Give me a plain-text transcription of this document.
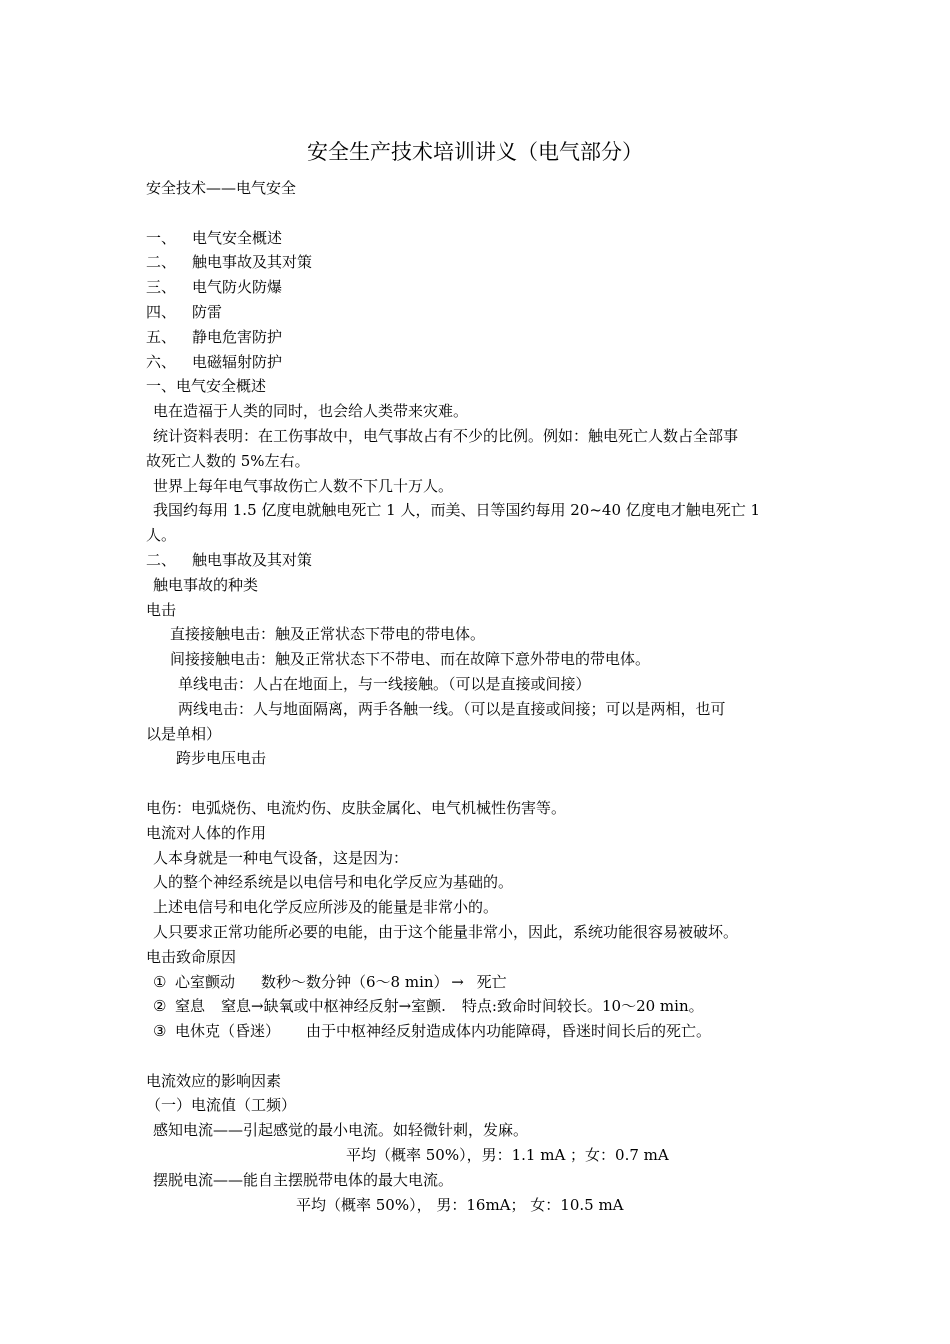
安全生产技术培训讲义（电气部分）
安全技术——电气安全
一、 电气安全概述
二、 触电事故及其对策
三、 电气防火防爆
四、 防雷
五、 静电危害防护
六、 电磁辐射防护
一、电气安全概述
电在造福于人类的同时，也会给人类带来灾难。
统计资料表明：在工伤事故中，电气事故占有不少的比例。例如：触电死亡人数占全部事
故死亡人数的 5%左右。
世界上每年电气事故伤亡人数不下几十万人。
我国约每用 1.5 亿度电就触电死亡 1 人，而美、日等国约每用 20~40 亿度电才触电死亡 1
人。
二、 触电事故及其对策
触电事故的种类
电击
直接接触电击：触及正常状态下带电的带电体。
间接接触电击：触及正常状态下不带电、而在故障下意外带电的带电体。
单线电击：人占在地面上，与一线接触。（可以是直接或间接）
两线电击：人与地面隔离，两手各触一线。（可以是直接或间接；可以是两相，也可
以是单相）
跨步电压电击
电伤：电弧烧伤、电流灼伤、皮肤金属化、电气机械性伤害等。
电流对人体的作用
人本身就是一种电气设备，这是因为：
人的整个神经系统是以电信号和电化学反应为基础的。
上述电信号和电化学反应所涉及的能量是非常小的。
人只要求正常功能所必要的电能，由于这个能量非常小，因此，系统功能很容易被破坏。
电击致命原因
① 心室颤动 数秒～数分钟（6～8 min） → 死亡
② 窒息 窒息→缺氧或中枢神经反射→室颤. 特点:致命时间较长。10～20 min。
③ 电休克（昏迷） 由于中枢神经反射造成体内功能障碍，昏迷时间长后的死亡。
电流效应的影响因素
（一）电流值（工频）
感知电流——引起感觉的最小电流。如轻微针刺，发麻。
平均（概率 50%），男：1.1 mA ；女：0.7 mA
摆脱电流——能自主摆脱带电体的最大电流。
平均（概率 50%）， 男：16mA； 女：10.5 mA
